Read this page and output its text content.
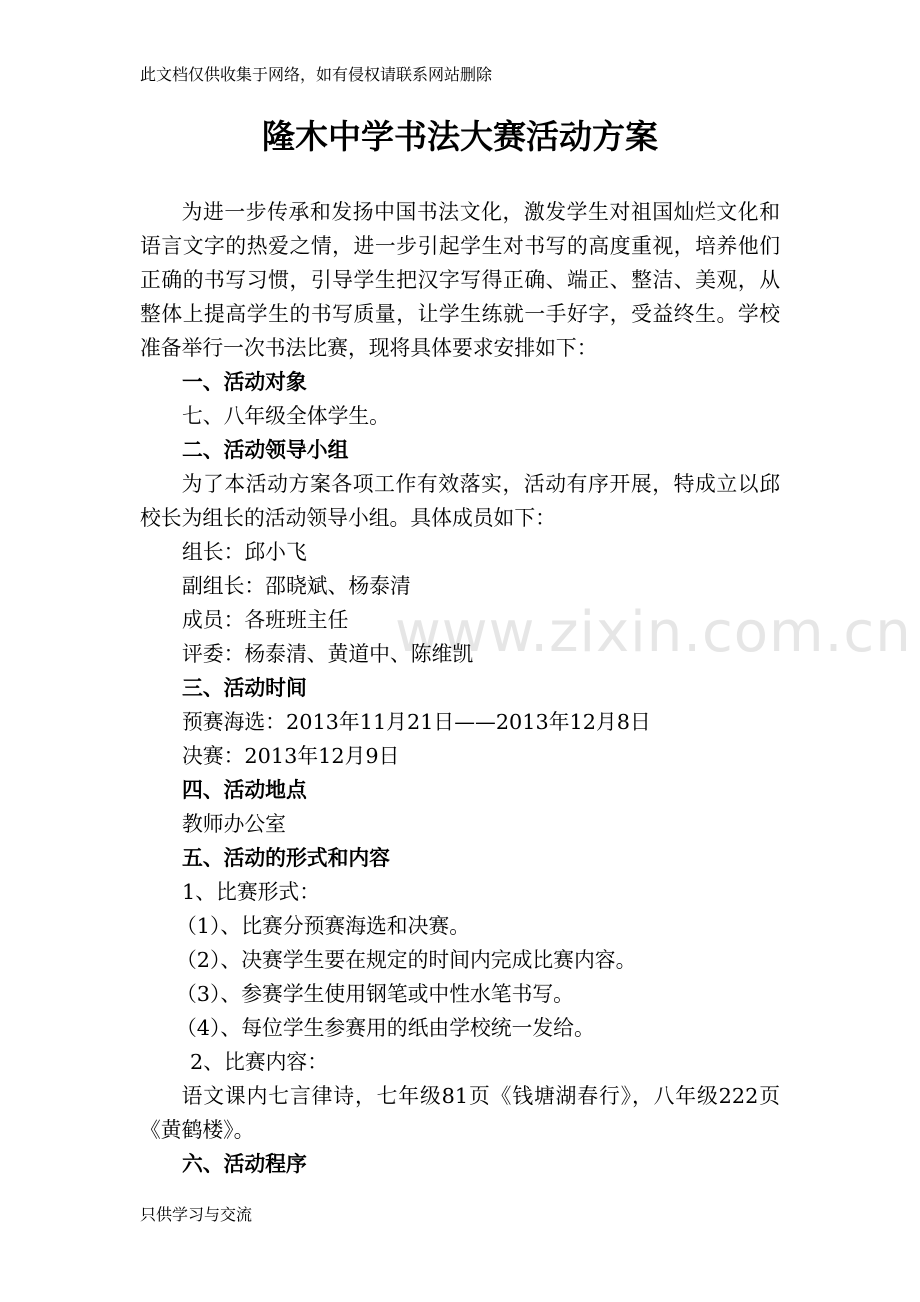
www.zixin.com.cn
此文档仅供收集于网络，如有侵权请联系网站删除
隆木中学书法大赛活动方案

为进一步传承和发扬中国书法文化，激发学生对祖国灿烂文化和语言文字的热爱之情，进一步引起学生对书写的高度重视，培养他们正确的书写习惯，引导学生把汉字写得正确、端正、整洁、美观，从整体上提高学生的书写质量，让学生练就一手好字，受益终生。学校准备举行一次书法比赛，现将具体要求安排如下：

一、活动对象

七、八年级全体学生。

二、活动领导小组

为了本活动方案各项工作有效落实，活动有序开展，特成立以邱校长为组长的活动领导小组。具体成员如下：

组长：邱小飞

副组长：邵晓斌、杨泰清

成员：各班班主任

评委：杨泰清、黄道中、陈维凯

三、活动时间

预赛海选：2013年11月21日——2013年12月8日

决赛：2013年12月9日

四、活动地点

教师办公室

五、活动的形式和内容

1、比赛形式：

（1）、比赛分预赛海选和决赛。

（2）、决赛学生要在规定的时间内完成比赛内容。

（3）、参赛学生使用钢笔或中性水笔书写。

（4）、每位学生参赛用的纸由学校统一发给。

2、比赛内容：

语文课内七言律诗，七年级81页《钱塘湖春行》，八年级222页《黄鹤楼》。

六、活动程序

只供学习与交流
